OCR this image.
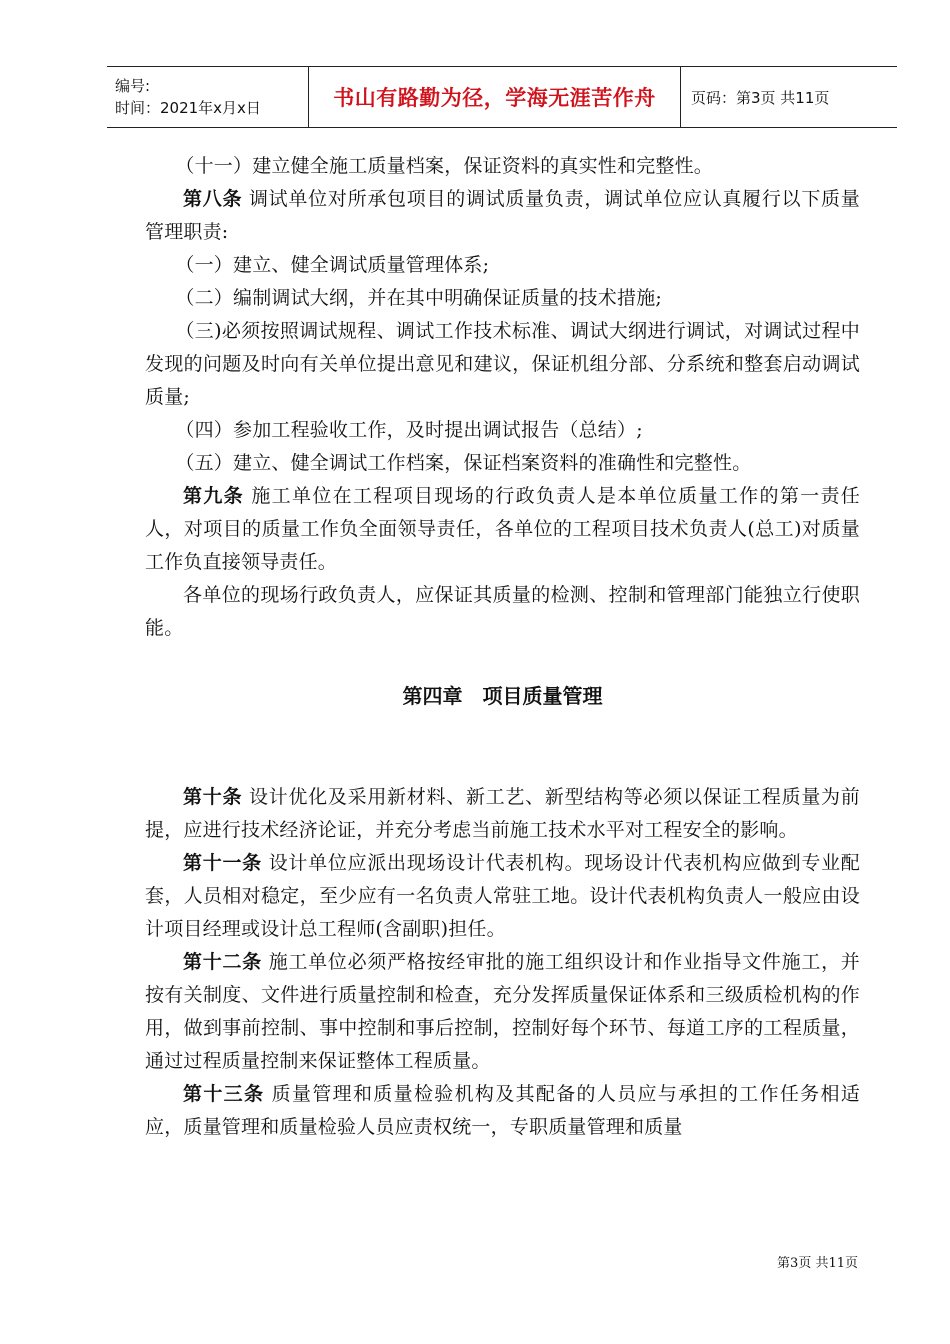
编号:
时间：2021年x月x日	书山有路勤为径，学海无涯苦作舟 页码：第3页 共11页

（十一）建立健全施工质量档案，保证资料的真实性和完整性。

第八条 调试单位对所承包项目的调试质量负责，调试单位应认真履行以下质量管理职责:

（一）建立、健全调试质量管理体系;

（二）编制调试大纲，并在其中明确保证质量的技术措施;

（三)必须按照调试规程、调试工作技术标准、调试大纲进行调试，对调试过程中发现的问题及时向有关单位提出意见和建议，保证机组分部、分系统和整套启动调试质量;

（四）参加工程验收工作，及时提出调试报告（总结）;

（五）建立、健全调试工作档案，保证档案资料的准确性和完整性。

第九条 施工单位在工程项目现场的行政负责人是本单位质量工作的第一责任人，对项目的质量工作负全面领导责任，各单位的工程项目技术负责人(总工)对质量工作负直接领导责任。

各单位的现场行政负责人，应保证其质量的检测、控制和管理部门能独立行使职能。

第四章　项目质量管理

第十条 设计优化及采用新材料、新工艺、新型结构等必须以保证工程质量为前提，应进行技术经济论证，并充分考虑当前施工技术水平对工程安全的影响。

第十一条 设计单位应派出现场设计代表机构。现场设计代表机构应做到专业配套，人员相对稳定，至少应有一名负责人常驻工地。设计代表机构负责人一般应由设计项目经理或设计总工程师(含副职)担任。

第十二条 施工单位必须严格按经审批的施工组织设计和作业指导文件施工，并按有关制度、文件进行质量控制和检查，充分发挥质量保证体系和三级质检机构的作用，做到事前控制、事中控制和事后控制，控制好每个环节、每道工序的工程质量，通过过程质量控制来保证整体工程质量。

第十三条 质量管理和质量检验机构及其配备的人员应与承担的工作任务相适应，质量管理和质量检验人员应责权统一，专职质量管理和质量

第3页 共11页
